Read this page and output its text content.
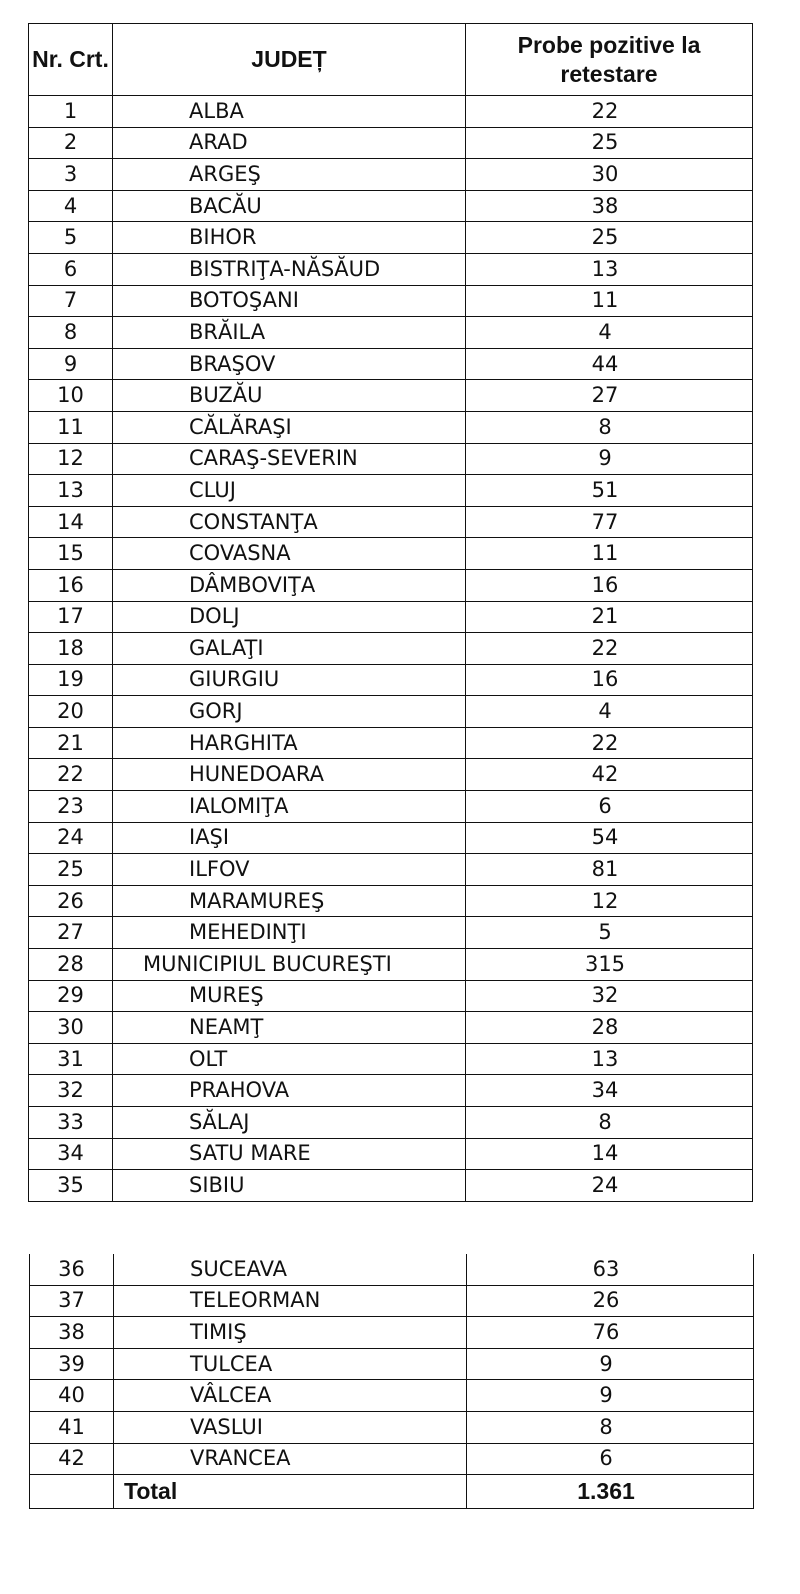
Nr. Crt.	JUDEȚ	Probe pozitive la retestare
1	ALBA	22
2	ARAD	25
3	ARGEŞ	30
4	BACĂU	38
5	BIHOR	25
6	BISTRIŢA-NĂSĂUD	13
7	BOTOŞANI	11
8	BRĂILA	4
9	BRAŞOV	44
10	BUZĂU	27
11	CĂLĂRAŞI	8
12	CARAŞ-SEVERIN	9
13	CLUJ	51
14	CONSTANŢA	77
15	COVASNA	11
16	DÂMBOVIŢA	16
17	DOLJ	21
18	GALAŢI	22
19	GIURGIU	16
20	GORJ	4
21	HARGHITA	22
22	HUNEDOARA	42
23	IALOMIŢA	6
24	IAŞI	54
25	ILFOV	81
26	MARAMUREŞ	12
27	MEHEDINŢI	5
28	MUNICIPIUL BUCUREŞTI	315
29	MUREŞ	32
30	NEAMŢ	28
31	OLT	13
32	PRAHOVA	34
33	SĂLAJ	8
34	SATU MARE	14
35	SIBIU	24
36	SUCEAVA	63
37	TELEORMAN	26
38	TIMIŞ	76
39	TULCEA	9
40	VÂLCEA	9
41	VASLUI	8
42	VRANCEA	6
	Total	1.361
